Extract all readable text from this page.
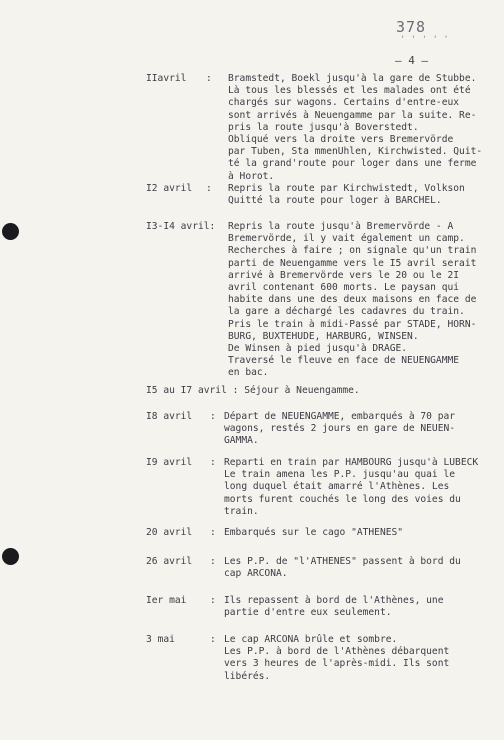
378
' ' ' ' '
— 4 —
IIavril : Bramstedt, Boekl jusqu'à la gare de Stubbe.
Là tous les blessés et les malades ont été
chargés sur wagons. Certains d'entre-eux
sont arrivés à Neuengamme par la suite. Re-
pris la route jusqu'à Boverstedt.
Obliqué vers la droite vers Bremervörde
par Tuben, Sta mmenUhlen, Kirchwisted. Quit-
té la grand'route pour loger dans une ferme
à Horot.
I2 avril : Repris la route par Kirchwistedt, Volkson
Quitté la route pour loger à BARCHEL.
I3-I4 avril: Repris la route jusqu'à Bremervörde - A
Bremervörde, il y vait également un camp.
Recherches à faire ; on signale qu'un train
parti de Neuengamme vers le I5 avril serait
arrivé à Bremervörde vers le 20 ou le 2I
avril contenant 600 morts. Le paysan qui
habite dans une des deux maisons en face de
la gare a déchargé les cadavres du train.
Pris le train à midi-Passé par STADE, HORN-
BURG, BUXTEHUDE, HARBURG, WINSEN.
De Winsen à pied jusqu'à DRAGE.
Traversé le fleuve en face de NEUENGAMME
en bac.
I5 au I7 avril : Séjour à Neuengamme.
I8 avril : Départ de NEUENGAMME, embarqués à 70 par
wagons, restés 2 jours en gare de NEUEN-
GAMMA.
I9 avril : Reparti en train par HAMBOURG jusqu'à LUBECK
Le train amena les P.P. jusqu'au quai le
long duquel était amarré l'Athènes. Les
morts furent couchés le long des voies du
train.
20 avril : Embarqués sur le cago "ATHENES"
26 avril : Les P.P. de "l'ATHENES" passent à bord du
cap ARCONA.
Ier mai : Ils repassent à bord de l'Athènes, une
partie d'entre eux seulement.
3 mai	: Le cap ARCONA brûle et sombre.
Les P.P. à bord de l'Athènes débarquent
vers 3 heures de l'après-midi. Ils sont
libérés.
